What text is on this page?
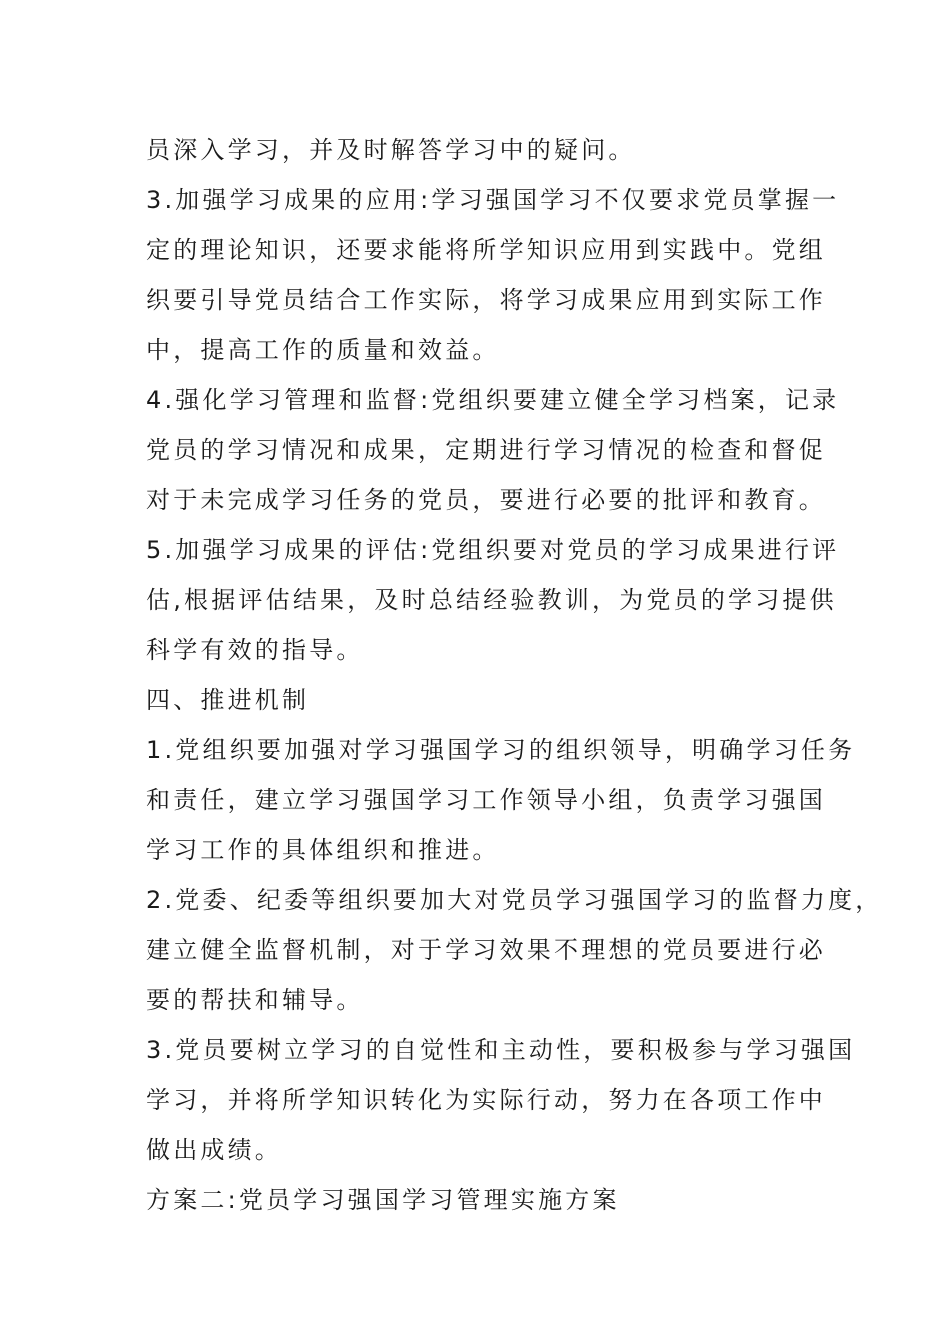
员深入学习，并及时解答学习中的疑问。
3.加强学习成果的应用:学习强国学习不仅要求党员掌握一
定的理论知识，还要求能将所学知识应用到实践中。党组
织要引导党员结合工作实际，将学习成果应用到实际工作
中，提高工作的质量和效益。
4.强化学习管理和监督:党组织要建立健全学习档案，记录
党员的学习情况和成果，定期进行学习情况的检查和督促
对于未完成学习任务的党员，要进行必要的批评和教育。
5.加强学习成果的评估:党组织要对党员的学习成果进行评
估,根据评估结果，及时总结经验教训，为党员的学习提供
科学有效的指导。
四、推进机制
1.党组织要加强对学习强国学习的组织领导，明确学习任务
和责任，建立学习强国学习工作领导小组，负责学习强国
学习工作的具体组织和推进。
2.党委、纪委等组织要加大对党员学习强国学习的监督力度，
建立健全监督机制，对于学习效果不理想的党员要进行必
要的帮扶和辅导。
3.党员要树立学习的自觉性和主动性，要积极参与学习强国
学习，并将所学知识转化为实际行动，努力在各项工作中
做出成绩。
方案二:党员学习强国学习管理实施方案
